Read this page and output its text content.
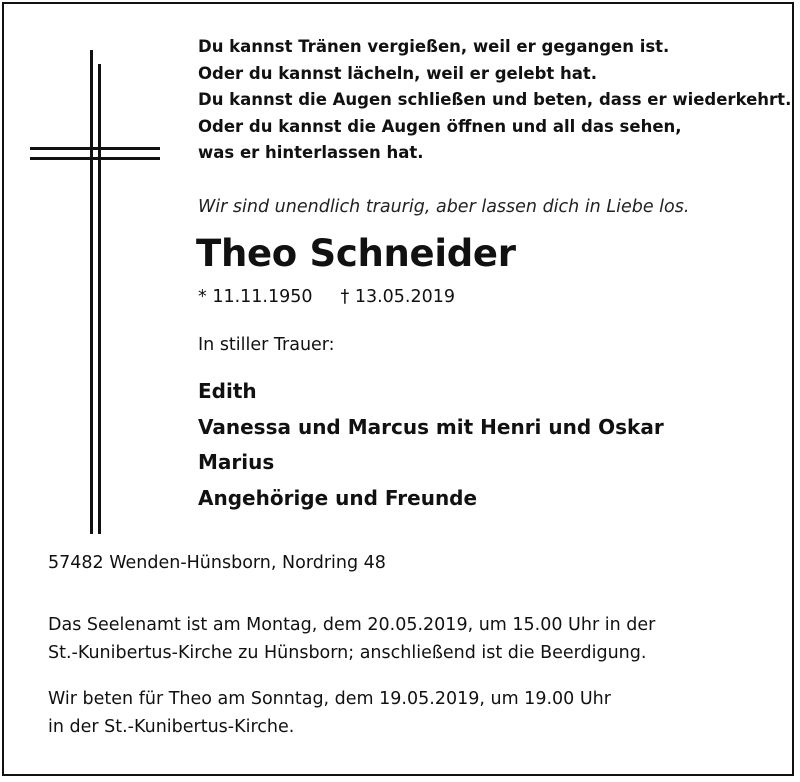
Du kannst Tränen vergießen, weil er gegangen ist.
Oder du kannst lächeln, weil er gelebt hat.
Du kannst die Augen schließen und beten, dass er wiederkehrt.
Oder du kannst die Augen öffnen und all das sehen,
was er hinterlassen hat.
Wir sind unendlich traurig, aber lassen dich in Liebe los.
Theo Schneider
* 11.11.1950 † 13.05.2019
In stiller Trauer:
Edith
Vanessa und Marcus mit Henri und Oskar
Marius
Angehörige und Freunde
57482 Wenden-Hünsborn, Nordring 48
Das Seelenamt ist am Montag, dem 20.05.2019, um 15.00 Uhr in der
St.-Kunibertus-Kirche zu Hünsborn; anschließend ist die Beerdigung.
Wir beten für Theo am Sonntag, dem 19.05.2019, um 19.00 Uhr
in der St.-Kunibertus-Kirche.
